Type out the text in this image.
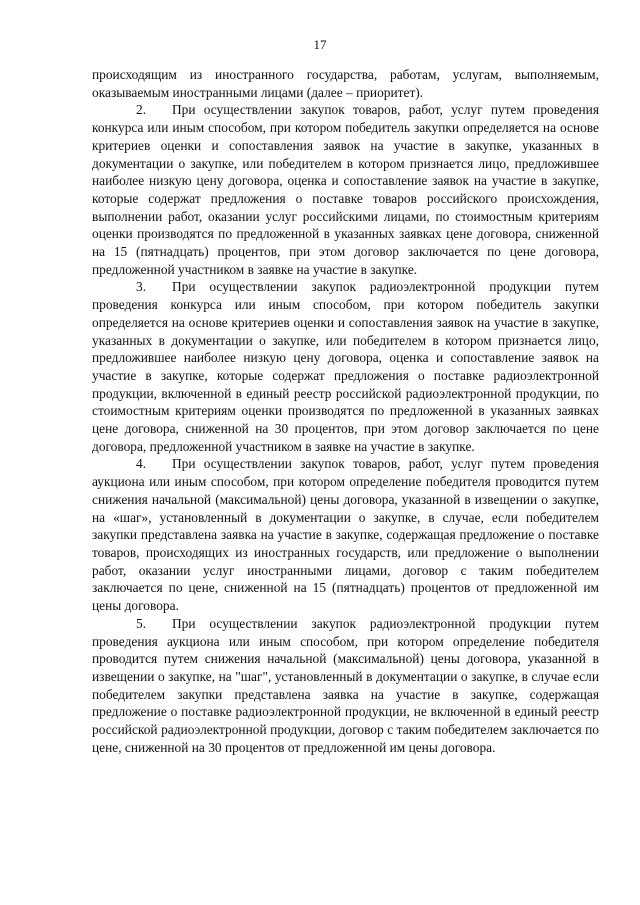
17

происходящим из иностранного государства, работам, услугам, выполняемым, оказываемым иностранными лицами (далее – приоритет).

2. При осуществлении закупок товаров, работ, услуг путем проведения конкурса или иным способом, при котором победитель закупки определяется на основе критериев оценки и сопоставления заявок на участие в закупке, указанных в документации о закупке, или победителем в котором признается лицо, предложившее наиболее низкую цену договора, оценка и сопоставление заявок на участие в закупке, которые содержат предложения о поставке товаров российского происхождения, выполнении работ, оказании услуг российскими лицами, по стоимостным критериям оценки производятся по предложенной в указанных заявках цене договора, сниженной на 15 (пятнадцать) процентов, при этом договор заключается по цене договора, предложенной участником в заявке на участие в закупке.

3. При осуществлении закупок радиоэлектронной продукции путем проведения конкурса или иным способом, при котором победитель закупки определяется на основе критериев оценки и сопоставления заявок на участие в закупке, указанных в документации о закупке, или победителем в котором признается лицо, предложившее наиболее низкую цену договора, оценка и сопоставление заявок на участие в закупке, которые содержат предложения о поставке радиоэлектронной продукции, включенной в единый реестр российской радиоэлектронной продукции, по стоимостным критериям оценки производятся по предложенной в указанных заявках цене договора, сниженной на 30 процентов, при этом договор заключается по цене договора, предложенной участником в заявке на участие в закупке.

4. При осуществлении закупок товаров, работ, услуг путем проведения аукциона или иным способом, при котором определение победителя проводится путем снижения начальной (максимальной) цены договора, указанной в извещении о закупке, на «шаг», установленный в документации о закупке, в случае, если победителем закупки представлена заявка на участие в закупке, содержащая предложение о поставке товаров, происходящих из иностранных государств, или предложение о выполнении работ, оказании услуг иностранными лицами, договор с таким победителем заключается по цене, сниженной на 15 (пятнадцать) процентов от предложенной им цены договора.

5. При осуществлении закупок радиоэлектронной продукции путем проведения аукциона или иным способом, при котором определение победителя проводится путем снижения начальной (максимальной) цены договора, указанной в извещении о закупке, на "шаг", установленный в документации о закупке, в случае если победителем закупки представлена заявка на участие в закупке, содержащая предложение о поставке радиоэлектронной продукции, не включенной в единый реестр российской радиоэлектронной продукции, договор с таким победителем заключается по цене, сниженной на 30 процентов от предложенной им цены договора.
